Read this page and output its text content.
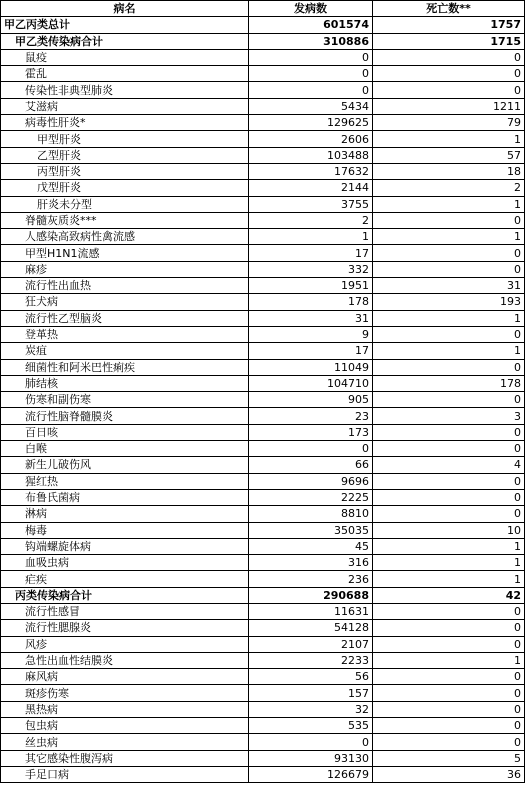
病名	发病数	死亡数**
甲乙丙类总计	601574	1757
甲乙类传染病合计	310886	1715
鼠疫	0	0
霍乱	0	0
传染性非典型肺炎	0	0
艾滋病	5434	1211
病毒性肝炎*	129625	79
甲型肝炎	2606	1
乙型肝炎	103488	57
丙型肝炎	17632	18
戊型肝炎	2144	2
肝炎未分型	3755	1
脊髓灰质炎***	2	0
人感染高致病性禽流感	1	1
甲型H1N1流感	17	0
麻疹	332	0
流行性出血热	1951	31
狂犬病	178	193
流行性乙型脑炎	31	1
登革热	9	0
炭疽	17	1
细菌性和阿米巴性痢疾	11049	0
肺结核	104710	178
伤寒和副伤寒	905	0
流行性脑脊髓膜炎	23	3
百日咳	173	0
白喉	0	0
新生儿破伤风	66	4
猩红热	9696	0
布鲁氏菌病	2225	0
淋病	8810	0
梅毒	35035	10
钩端螺旋体病	45	1
血吸虫病	316	1
疟疾	236	1
丙类传染病合计	290688	42
流行性感冒	11631	0
流行性腮腺炎	54128	0
风疹	2107	0
急性出血性结膜炎	2233	1
麻风病	56	0
斑疹伤寒	157	0
黑热病	32	0
包虫病	535	0
丝虫病	0	0
其它感染性腹泻病	93130	5
手足口病	126679	36
